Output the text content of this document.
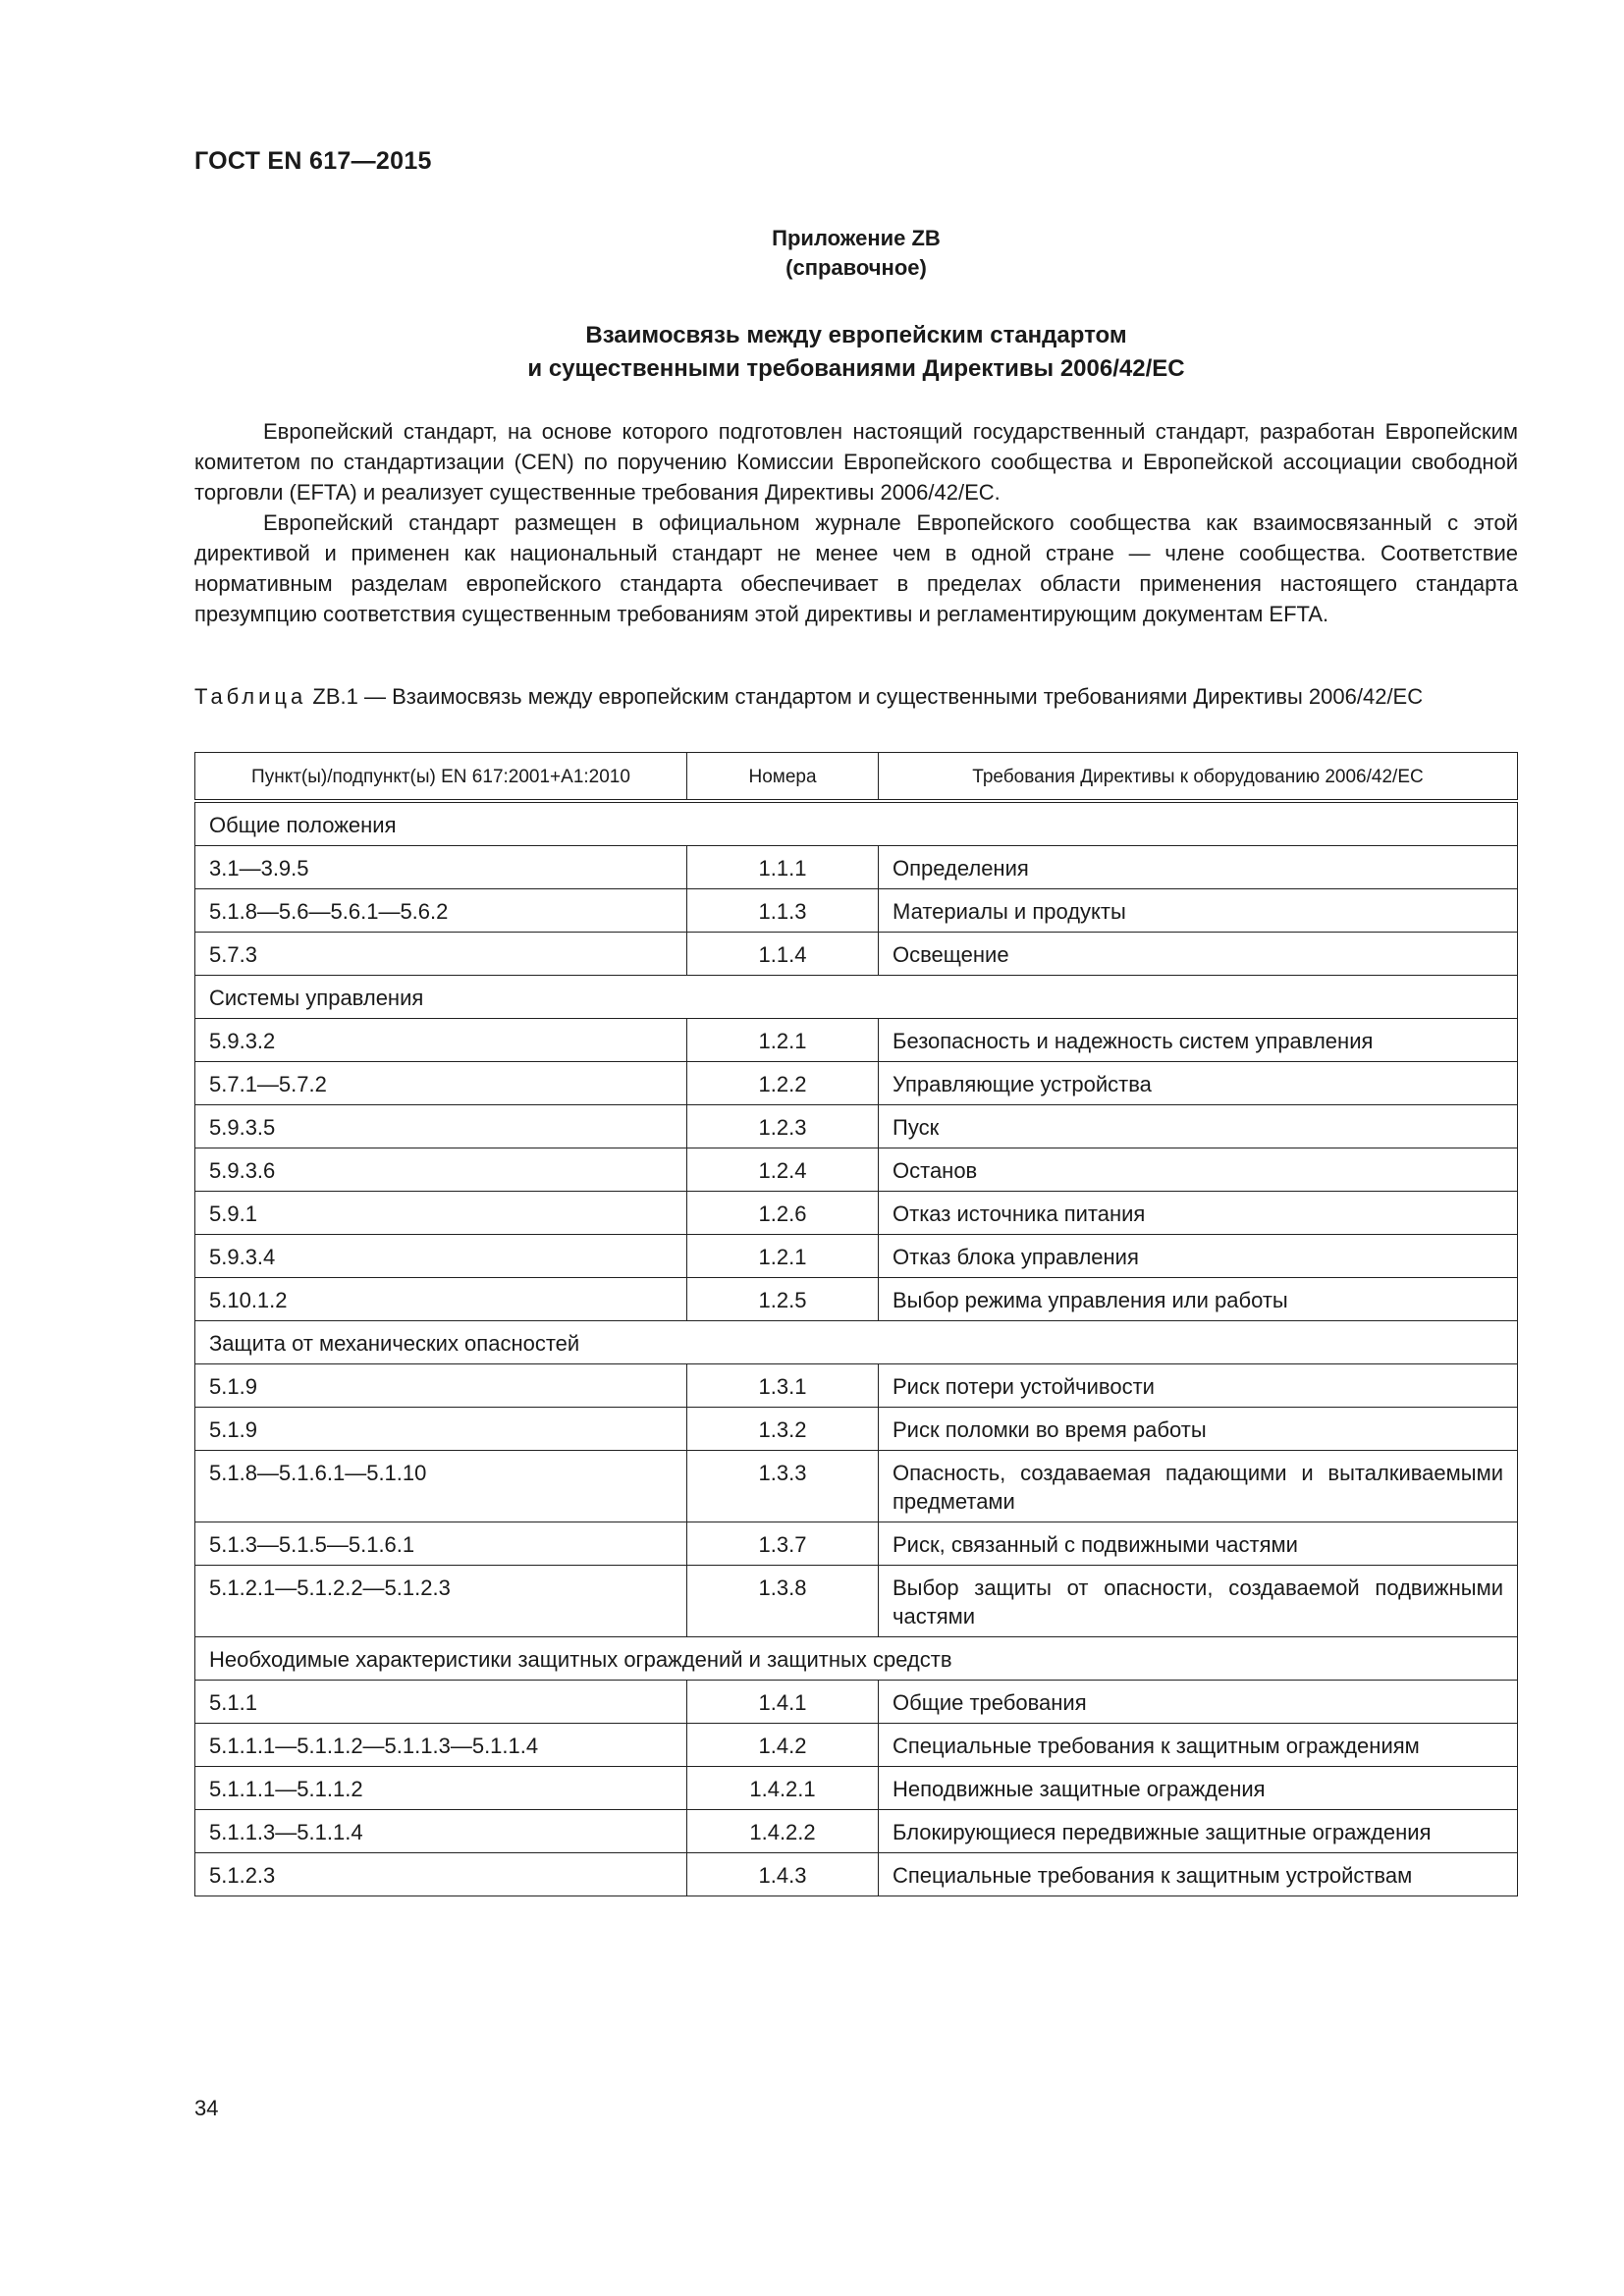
ГОСТ EN 617—2015
Приложение ZB
(справочное)
Взаимосвязь между европейским стандартом
и существенными требованиями Директивы 2006/42/ЕС

Европейский стандарт, на основе которого подготовлен настоящий государственный стандарт, разработан Европейским комитетом по стандартизации (CEN) по поручению Комиссии Европейского сообщества и Европейской ассоциации свободной торговли (EFTA) и реализует существенные требования Директивы 2006/42/ЕС.

Европейский стандарт размещен в официальном журнале Европейского сообщества как взаимосвязанный с этой директивой и применен как национальный стандарт не менее чем в одной стране — члене сообщества. Соответствие нормативным разделам европейского стандарта обеспечивает в пределах области применения настоящего стандарта презумпцию соответствия существенным требованиям этой директивы и регламентирующим документам EFTA.

Таблица ZB.1 — Взаимосвязь между европейским стандартом и существенными требованиями Директивы 2006/42/ЕС
Пункт(ы)/подпункт(ы) EN 617:2001+A1:2010	Номера	Требования Директивы к оборудованию 2006/42/ЕС
Общие положения		
3.1—3.9.5	1.1.1	Определения
5.1.8—5.6—5.6.1—5.6.2	1.1.3	Материалы и продукты
5.7.3	1.1.4	Освещение
Системы управления		
5.9.3.2	1.2.1	Безопасность и надежность систем управления
5.7.1—5.7.2	1.2.2	Управляющие устройства
5.9.3.5	1.2.3	Пуск
5.9.3.6	1.2.4	Останов
5.9.1	1.2.6	Отказ источника питания
5.9.3.4	1.2.1	Отказ блока управления
5.10.1.2	1.2.5	Выбор режима управления или работы
Защита от механических опасностей		
5.1.9	1.3.1	Риск потери устойчивости
5.1.9	1.3.2	Риск поломки во время работы
5.1.8—5.1.6.1—5.1.10	1.3.3	Опасность, создаваемая падающими и выталкиваемыми предметами
5.1.3—5.1.5—5.1.6.1	1.3.7	Риск, связанный с подвижными частями
5.1.2.1—5.1.2.2—5.1.2.3	1.3.8	Выбор защиты от опасности, создаваемой подвижными частями
Необходимые характеристики защитных ограждений и защитных средств		
5.1.1	1.4.1	Общие требования
5.1.1.1—5.1.1.2—5.1.1.3—5.1.1.4	1.4.2	Специальные требования к защитным ограждениям
5.1.1.1—5.1.1.2	1.4.2.1	Неподвижные защитные ограждения
5.1.1.3—5.1.1.4	1.4.2.2	Блокирующиеся передвижные защитные ограждения
5.1.2.3	1.4.3	Специальные требования к защитным устройствам
34
